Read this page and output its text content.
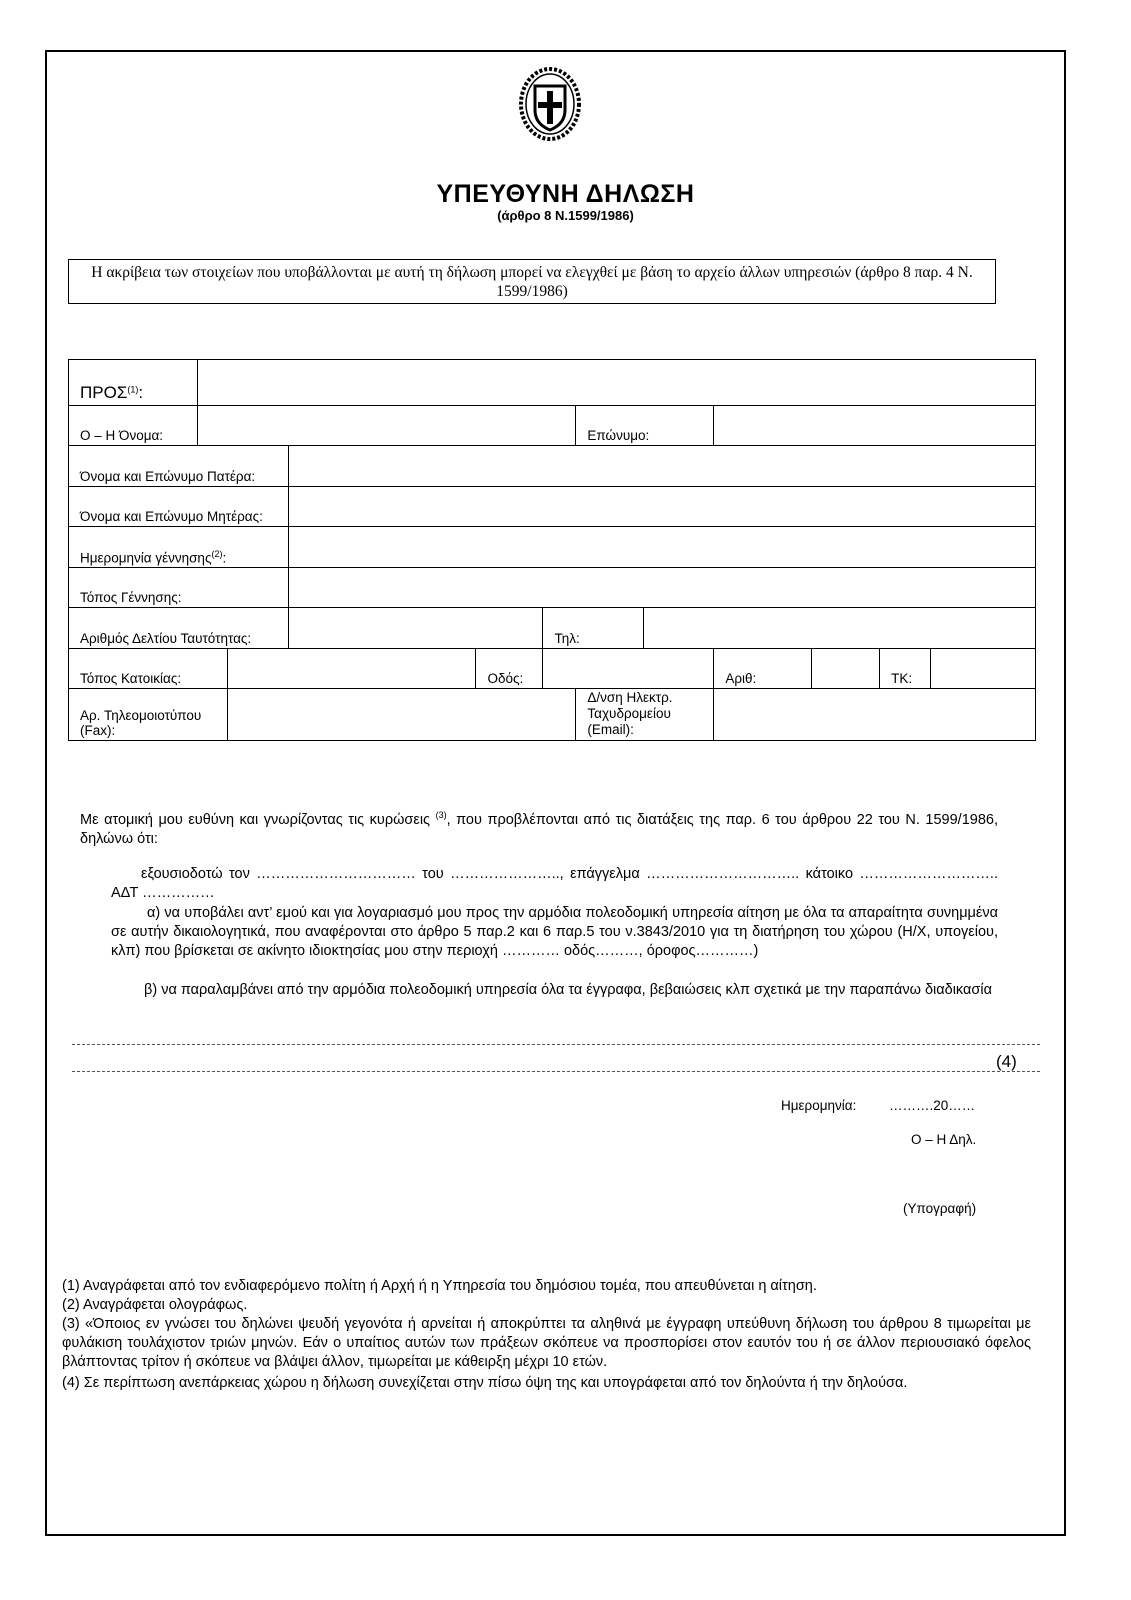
ΥΠΕΥΘΥΝΗ ΔΗΛΩΣΗ
(άρθρο 8 Ν.1599/1986)
Η ακρίβεια των στοιχείων που υποβάλλονται με αυτή τη δήλωση μπορεί να ελεγχθεί με βάση το αρχείο άλλων υπηρεσιών (άρθρο 8 παρ. 4 Ν. 1599/1986)
ΠΡΟΣ$^{(1)}$:											
Ο – Η Όνομα:						Επώνυμο:					
Όνομα και Επώνυμο Πατέρα:											
Όνομα και Επώνυμο Μητέρας:											
Ημερομηνία γέννησης$^{(2)}$:											
Τόπος Γέννησης:											
Αριθμός Δελτίου Ταυτότητας:					Τηλ:						
Τόπος Κατοικίας:				Οδός:				Αριθ:		ΤΚ:	
Αρ. Τηλεομοιοτύπου (Fax):						Δ/νση Ηλεκτρ. Ταχυδρομείου (Email):					
Με ατομική μου ευθύνη και γνωρίζοντας τις κυρώσεις $^{(3)}$, που προβλέπονται από τις διατάξεις της παρ. 6 του άρθρου 22 του Ν. 1599/1986, δηλώνω ότι:
εξουσιοδοτώ τον …………………………… του ………………….., επάγγελμα ………………………….. κάτοικο ……………………….. ΑΔΤ ……………
α) να υποβάλει αντ’ εμού και για λογαριασμό μου προς την αρμόδια πολεοδομική υπηρεσία αίτηση με όλα τα απαραίτητα συνημμένα σε αυτήν δικαιολογητικά, που αναφέρονται στο άρθρο 5 παρ.2 και 6 παρ.5 του ν.3843/2010 για τη διατήρηση του χώρου (Η/Χ, υπογείου, κλπ) που βρίσκεται σε ακίνητο ιδιοκτησίας μου στην περιοχή ………… οδός………, όροφος…………)
β) να παραλαμβάνει από την αρμόδια πολεοδομική υπηρεσία όλα τα έγγραφα, βεβαιώσεις κλπ σχετικά με την παραπάνω διαδικασία
(4)
Ημερομηνία: ……….20……
Ο – Η Δηλ.
(Υπογραφή)
(1) Αναγράφεται από τον ενδιαφερόμενο πολίτη ή Αρχή ή η Υπηρεσία του δημόσιου τομέα, που απευθύνεται η αίτηση.
(2) Αναγράφεται ολογράφως.
(3) «Όποιος εν γνώσει του δηλώνει ψευδή γεγονότα ή αρνείται ή αποκρύπτει τα αληθινά με έγγραφη υπεύθυνη δήλωση του άρθρου 8 τιμωρείται με φυλάκιση τουλάχιστον τριών μηνών. Εάν ο υπαίτιος αυτών των πράξεων σκόπευε να προσπορίσει στον εαυτόν του ή σε άλλον περιουσιακό όφελος βλάπτοντας τρίτον ή σκόπευε να βλάψει άλλον, τιμωρείται με κάθειρξη μέχρι 10 ετών.
(4) Σε περίπτωση ανεπάρκειας χώρου η δήλωση συνεχίζεται στην πίσω όψη της και υπογράφεται από τον δηλούντα ή την δηλούσα.
